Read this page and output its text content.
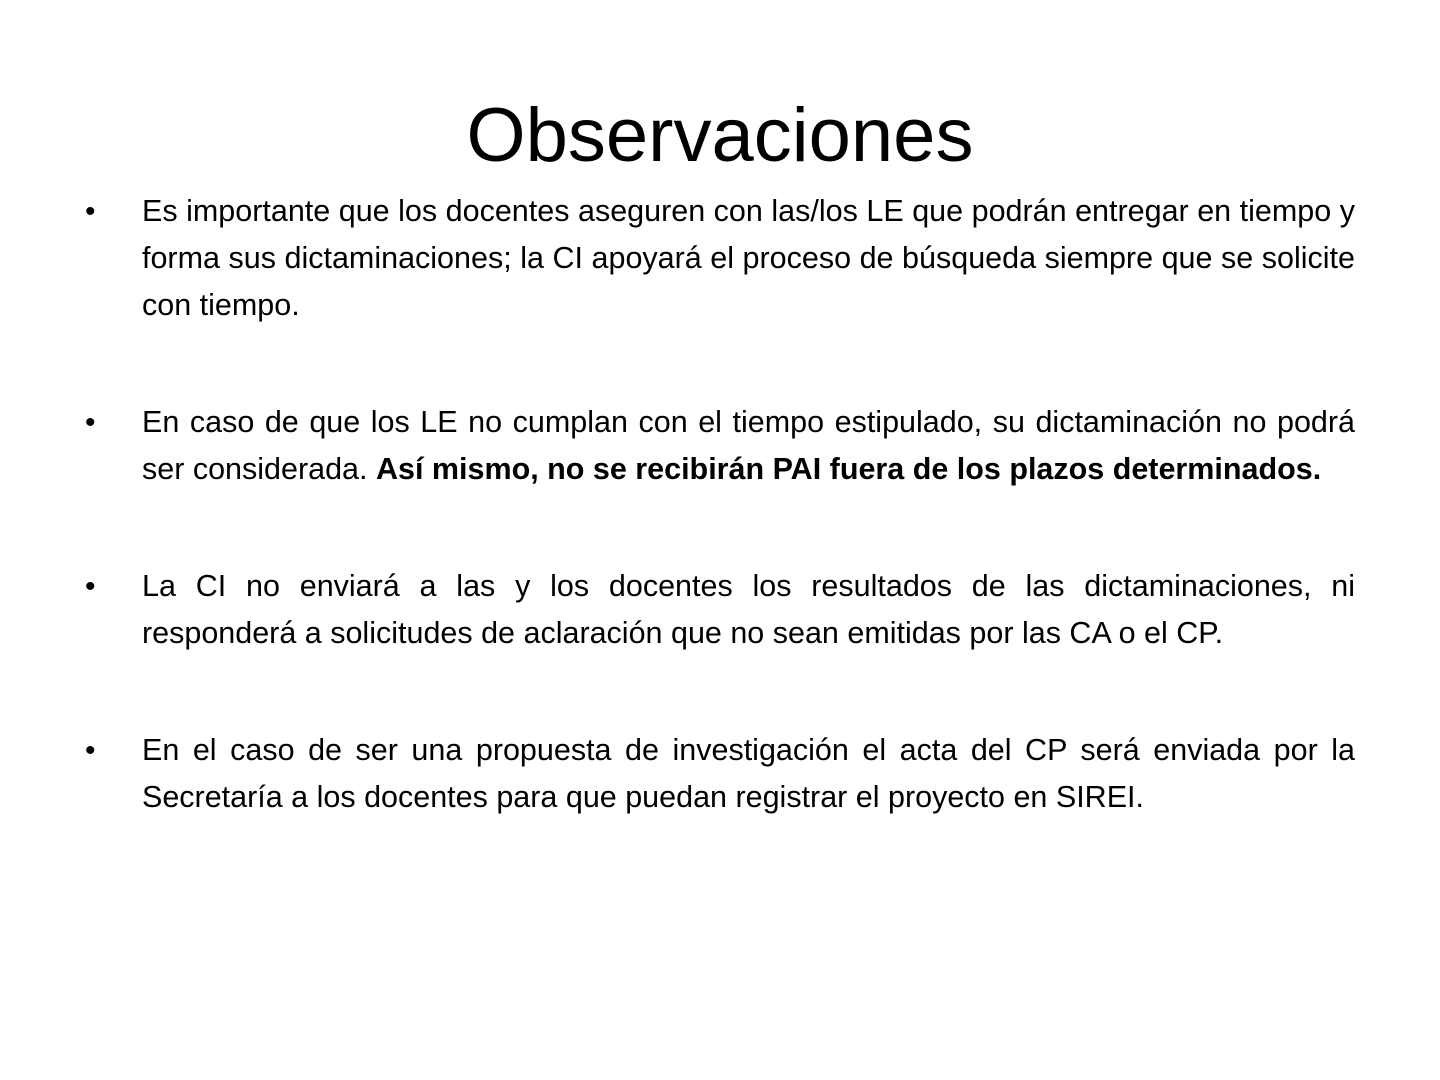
Observaciones
• Es importante que los docentes aseguren con las/los LE que podrán entregar en tiempo y forma sus dictaminaciones; la CI apoyará el proceso de búsqueda siempre que se solicite con tiempo.
• En caso de que los LE no cumplan con el tiempo estipulado, su dictaminación no podrá ser considerada. Así mismo, no se recibirán PAI fuera de los plazos determinados.
• La CI no enviará a las y los docentes los resultados de las dictaminaciones, ni responderá a solicitudes de aclaración que no sean emitidas por las CA o el CP.
• En el caso de ser una propuesta de investigación el acta del CP será enviada por la Secretaría a los docentes para que puedan registrar el proyecto en SIREI.
